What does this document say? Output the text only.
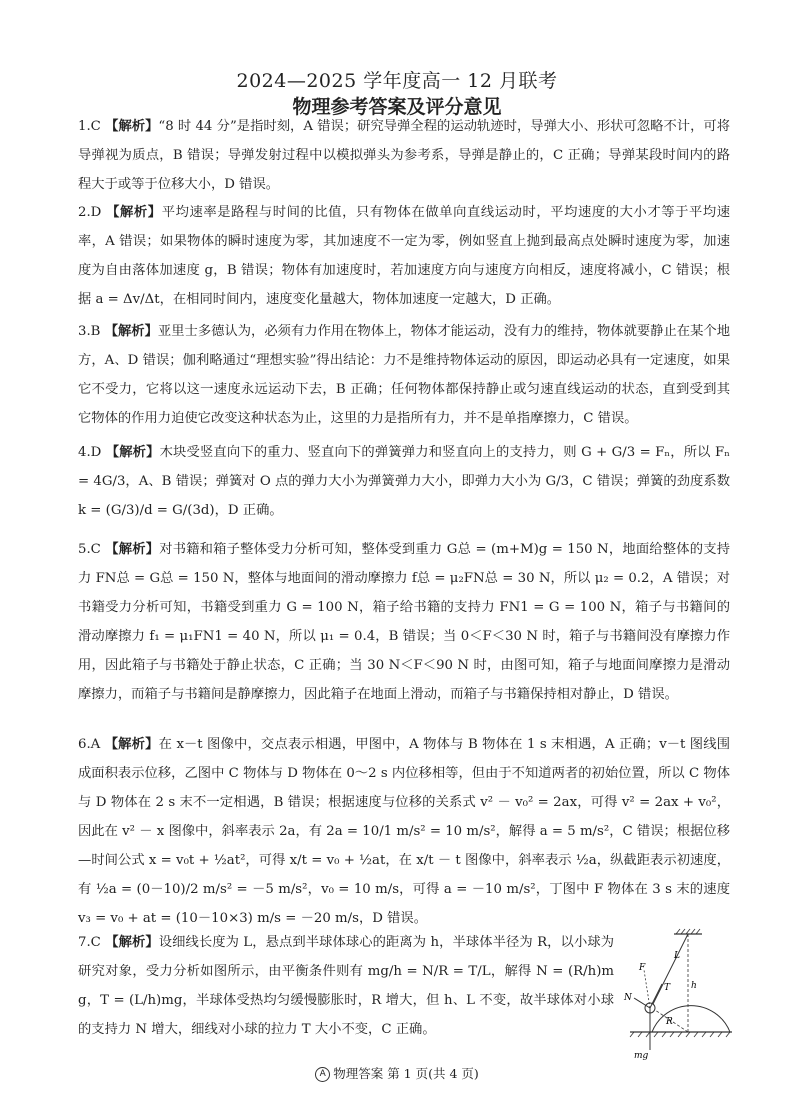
2024—2025 学年度高一 12 月联考
物理参考答案及评分意见
1.C 【解析】“8 时 44 分”是指时刻，A 错误；研究导弹全程的运动轨迹时，导弹大小、形状可忽略不计，可将导弹视为质点，B 错误；导弹发射过程中以模拟弹头为参考系，导弹是静止的，C 正确；导弹某段时间内的路程大于或等于位移大小，D 错误。
2.D 【解析】平均速率是路程与时间的比值，只有物体在做单向直线运动时，平均速度的大小才等于平均速率，A 错误；如果物体的瞬时速度为零，其加速度不一定为零，例如竖直上抛到最高点处瞬时速度为零，加速度为自由落体加速度 g，B 错误；物体有加速度时，若加速度方向与速度方向相反，速度将减小，C 错误；根据 a = Δv/Δt，在相同时间内，速度变化量越大，物体加速度一定越大，D 正确。
3.B 【解析】亚里士多德认为，必须有力作用在物体上，物体才能运动，没有力的维持，物体就要静止在某个地方，A、D 错误；伽利略通过“理想实验”得出结论：力不是维持物体运动的原因，即运动必具有一定速度，如果它不受力，它将以这一速度永远运动下去，B 正确；任何物体都保持静止或匀速直线运动的状态，直到受到其它物体的作用力迫使它改变这种状态为止，这里的力是指所有力，并不是单指摩擦力，C 错误。
4.D 【解析】木块受竖直向下的重力、竖直向下的弹簧弹力和竖直向上的支持力，则 G + G/3 = Fₙ，所以 Fₙ = 4G/3，A、B 错误；弹簧对 O 点的弹力大小为弹簧弹力大小，即弹力大小为 G/3，C 错误；弹簧的劲度系数 k = (G/3)/d = G/(3d)，D 正确。
5.C 【解析】对书籍和箱子整体受力分析可知，整体受到重力 G总 = (m+M)g = 150 N，地面给整体的支持力 FN总 = G总 = 150 N，整体与地面间的滑动摩擦力 f总 = μ₂FN总 = 30 N，所以 μ₂ = 0.2，A 错误；对书籍受力分析可知，书籍受到重力 G = 100 N，箱子给书籍的支持力 FN1 = G = 100 N，箱子与书籍间的滑动摩擦力 f₁ = μ₁FN1 = 40 N，所以 μ₁ = 0.4，B 错误；当 0＜F＜30 N 时，箱子与书籍间没有摩擦力作用，因此箱子与书籍处于静止状态，C 正确；当 30 N＜F＜90 N 时，由图可知，箱子与地面间摩擦力是滑动摩擦力，而箱子与书籍间是静摩擦力，因此箱子在地面上滑动，而箱子与书籍保持相对静止，D 错误。
6.A 【解析】在 x－t 图像中，交点表示相遇，甲图中，A 物体与 B 物体在 1 s 末相遇，A 正确；v－t 图线围成面积表示位移，乙图中 C 物体与 D 物体在 0～2 s 内位移相等，但由于不知道两者的初始位置，所以 C 物体与 D 物体在 2 s 末不一定相遇，B 错误；根据速度与位移的关系式 v² － v₀² = 2ax，可得 v² = 2ax + v₀²，因此在 v² － x 图像中，斜率表示 2a，有 2a = 10/1 m/s² = 10 m/s²，解得 a = 5 m/s²，C 错误；根据位移—时间公式 x = v₀t + ½at²，可得 x/t = v₀ + ½at，在 x/t － t 图像中，斜率表示 ½a，纵截距表示初速度，有 ½a = (0－10)/2 m/s² = －5 m/s²，v₀ = 10 m/s，可得 a = －10 m/s²，丁图中 F 物体在 3 s 末的速度 v₃ = v₀ + at = (10－10×3) m/s = －20 m/s，D 错误。
7.C 【解析】设细线长度为 L，悬点到半球体球心的距离为 h，半球体半径为 R，以小球为研究对象，受力分析如图所示，由平衡条件则有 mg/h = N/R = T/L，解得 N = (R/h)mg，T = (L/h)mg，半球体受热均匀缓慢膨胀时，R 增大，但 h、L 不变，故半球体对小球的支持力 N 增大，细线对小球的拉力 T 大小不变，C 正确。
F
T
L
h
N
R
mg
A 物理答案 第 1 页(共 4 页)
